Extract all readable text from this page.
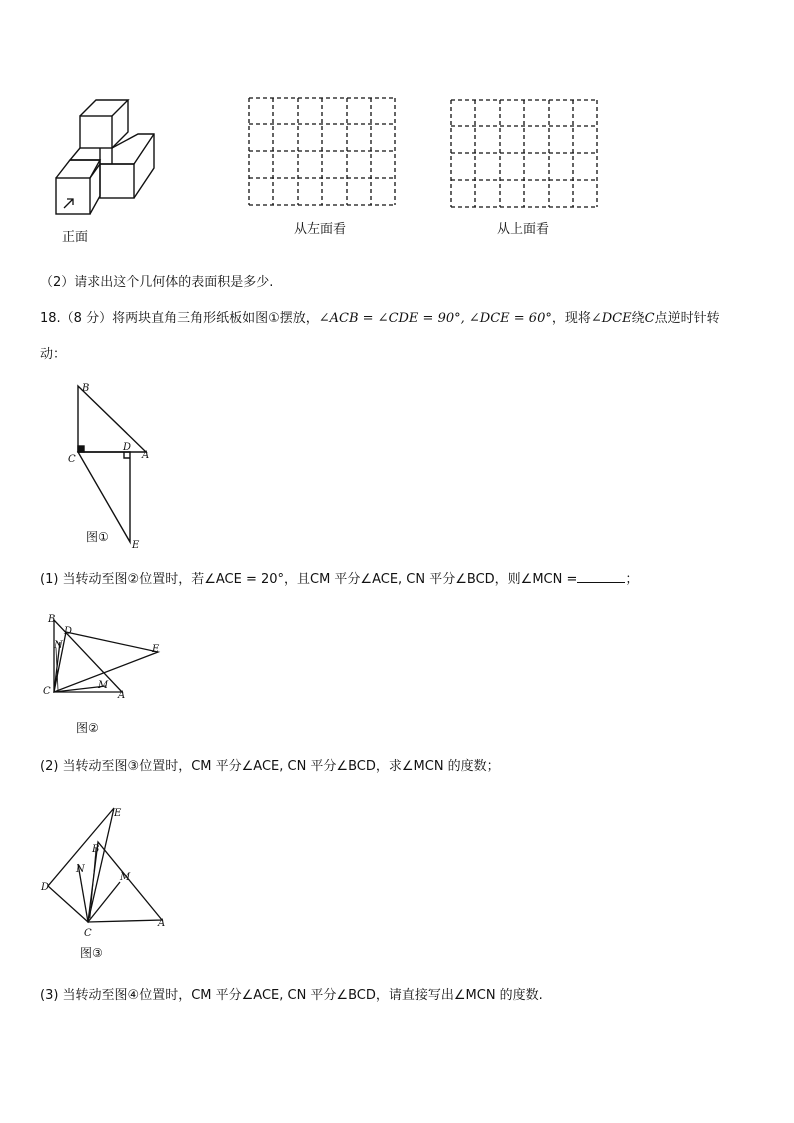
正面
从左面看	从上面看
（2）请求出这个几何体的表面积是多少.
18.（8 分）将两块直角三角形纸板如图①摆放，∠ACB = ∠CDE = 90°, ∠DCE = 60°，现将∠DCE绕C点逆时针转
动：
B
C
D
A
E
图①
(1) 当转动至图②位置时，若∠ACE = 20°，且CM 平分∠ACE, CN 平分∠BCD，则∠MCN =	；
B
D
N	E
M
A
C
图②
(2) 当转动至图③位置时，CM 平分∠ACE, CN 平分∠BCD，求∠MCN 的度数；
E
B
N
D
M
A
C
图③
(3) 当转动至图④位置时，CM 平分∠ACE, CN 平分∠BCD，请直接写出∠MCN 的度数.
